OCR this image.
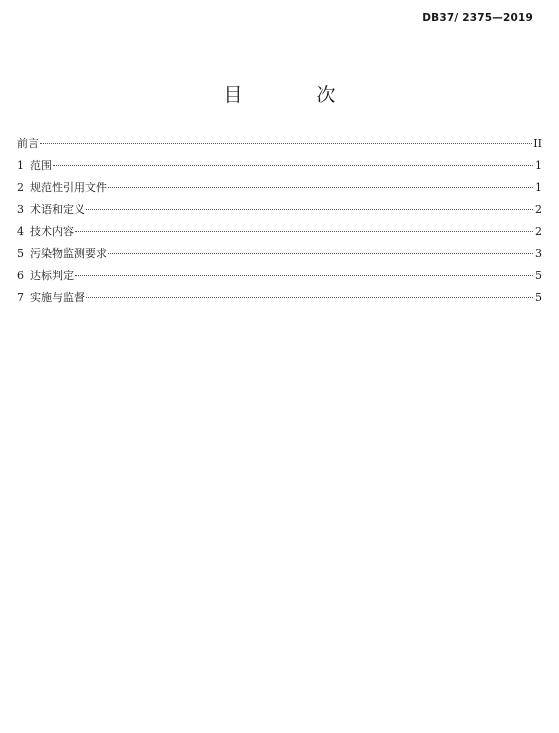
DB37/ 2375—2019
目 次
前言	II
1 范围	1
2 规范性引用文件	1
3 术语和定义	2
4 技术内容	2
5 污染物监测要求	3
6 达标判定	5
7 实施与监督	5
